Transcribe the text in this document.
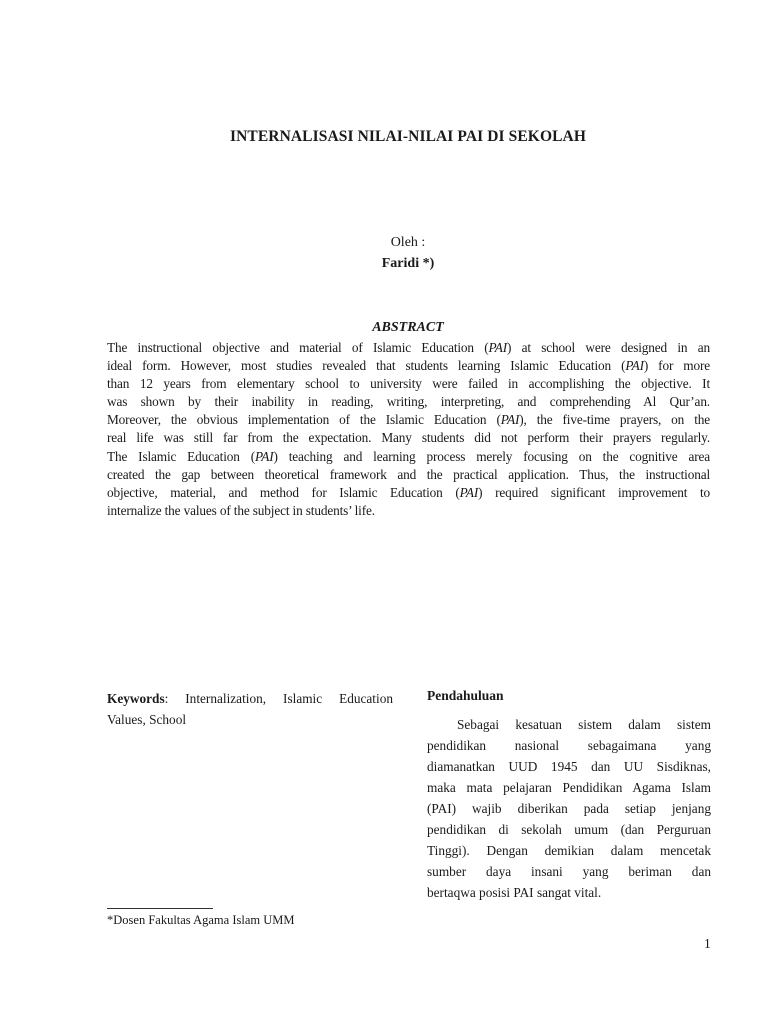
INTERNALISASI NILAI-NILAI PAI DI SEKOLAH
Oleh :
Faridi *)
ABSTRACT
The instructional objective and material of Islamic Education (PAI) at school were designed in an
ideal form. However, most studies revealed that students learning Islamic Education (PAI) for more
than 12 years from elementary school to university were failed in accomplishing the objective. It
was shown by their inability in reading, writing, interpreting, and comprehending Al Qur’an.
Moreover, the obvious implementation of the Islamic Education (PAI), the five-time prayers, on the
real life was still far from the expectation. Many students did not perform their prayers regularly.
The Islamic Education (PAI) teaching and learning process merely focusing on the cognitive area
created the gap between theoretical framework and the practical application. Thus, the instructional
objective, material, and method for Islamic Education (PAI) required significant improvement to
internalize the values of the subject in students’ life.
Keywords: Internalization, Islamic Education
Values, School
Pendahuluan
Sebagai kesatuan sistem dalam sistem
pendidikan nasional sebagaimana yang
diamanatkan UUD 1945 dan UU Sisdiknas,
maka mata pelajaran Pendidikan Agama Islam
(PAI) wajib diberikan pada setiap jenjang
pendidikan di sekolah umum (dan Perguruan
Tinggi). Dengan demikian dalam mencetak
sumber daya insani yang beriman dan
bertaqwa posisi PAI sangat vital.
*Dosen Fakultas Agama Islam UMM
1
